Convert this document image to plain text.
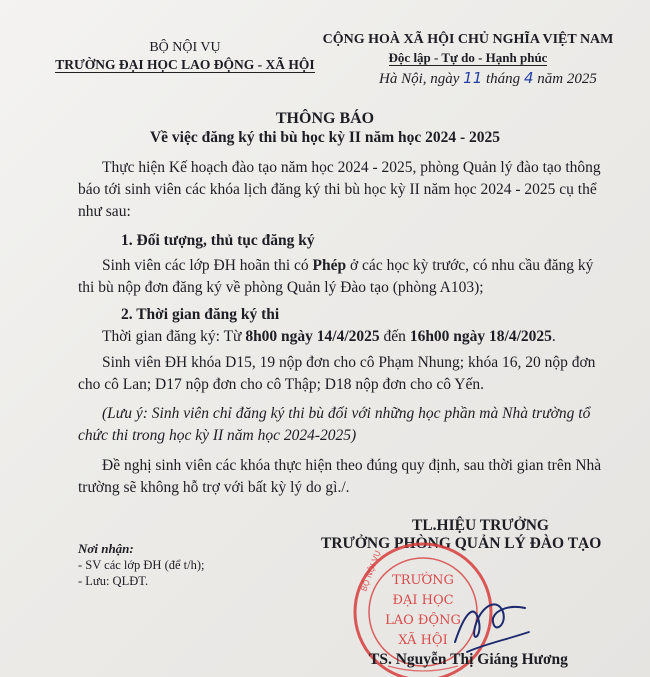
BỘ NỘI VỤ
TRƯỜNG ĐẠI HỌC LAO ĐỘNG - XÃ HỘI
CỘNG HOÀ XÃ HỘI CHỦ NGHĨA VIỆT NAM
Độc lập - Tự do - Hạnh phúc
Hà Nội, ngày 11 tháng 4 năm 2025
THÔNG BÁO
Về việc đăng ký thi bù học kỳ II năm học 2024 - 2025
Thực hiện Kế hoạch đào tạo năm học 2024 - 2025, phòng Quản lý đào tạo thông
báo tới sinh viên các khóa lịch đăng ký thi bù học kỳ II năm học 2024 - 2025 cụ thể
như sau:
1. Đối tượng, thủ tục đăng ký
Sinh viên các lớp ĐH hoãn thi có Phép ở các học kỳ trước, có nhu cầu đăng ký
thi bù nộp đơn đăng ký về phòng Quản lý Đào tạo (phòng A103);
2. Thời gian đăng ký thi
Thời gian đăng ký: Từ 8h00 ngày 14/4/2025 đến 16h00 ngày 18/4/2025.
Sinh viên ĐH khóa D15, 19 nộp đơn cho cô Phạm Nhung; khóa 16, 20 nộp đơn
cho cô Lan; D17 nộp đơn cho cô Thập; D18 nộp đơn cho cô Yến.
(Lưu ý: Sinh viên chỉ đăng ký thi bù đối với những học phần mà Nhà trường tổ
chức thi trong học kỳ II năm học 2024-2025)
Đề nghị sinh viên các khóa thực hiện theo đúng quy định, sau thời gian trên Nhà
trường sẽ không hỗ trợ với bất kỳ lý do gì./.
Nơi nhận:
- SV các lớp ĐH (để t/h);
- Lưu: QLĐT.
TL.HIỆU TRƯỞNG
TRƯỞNG PHÒNG QUẢN LÝ ĐÀO TẠO
BỘ NỘI VỤ TRƯỜNG
ĐẠI HỌC
LAO ĐỘNG
XÃ HỘI
TS. Nguyễn Thị Giáng Hương
